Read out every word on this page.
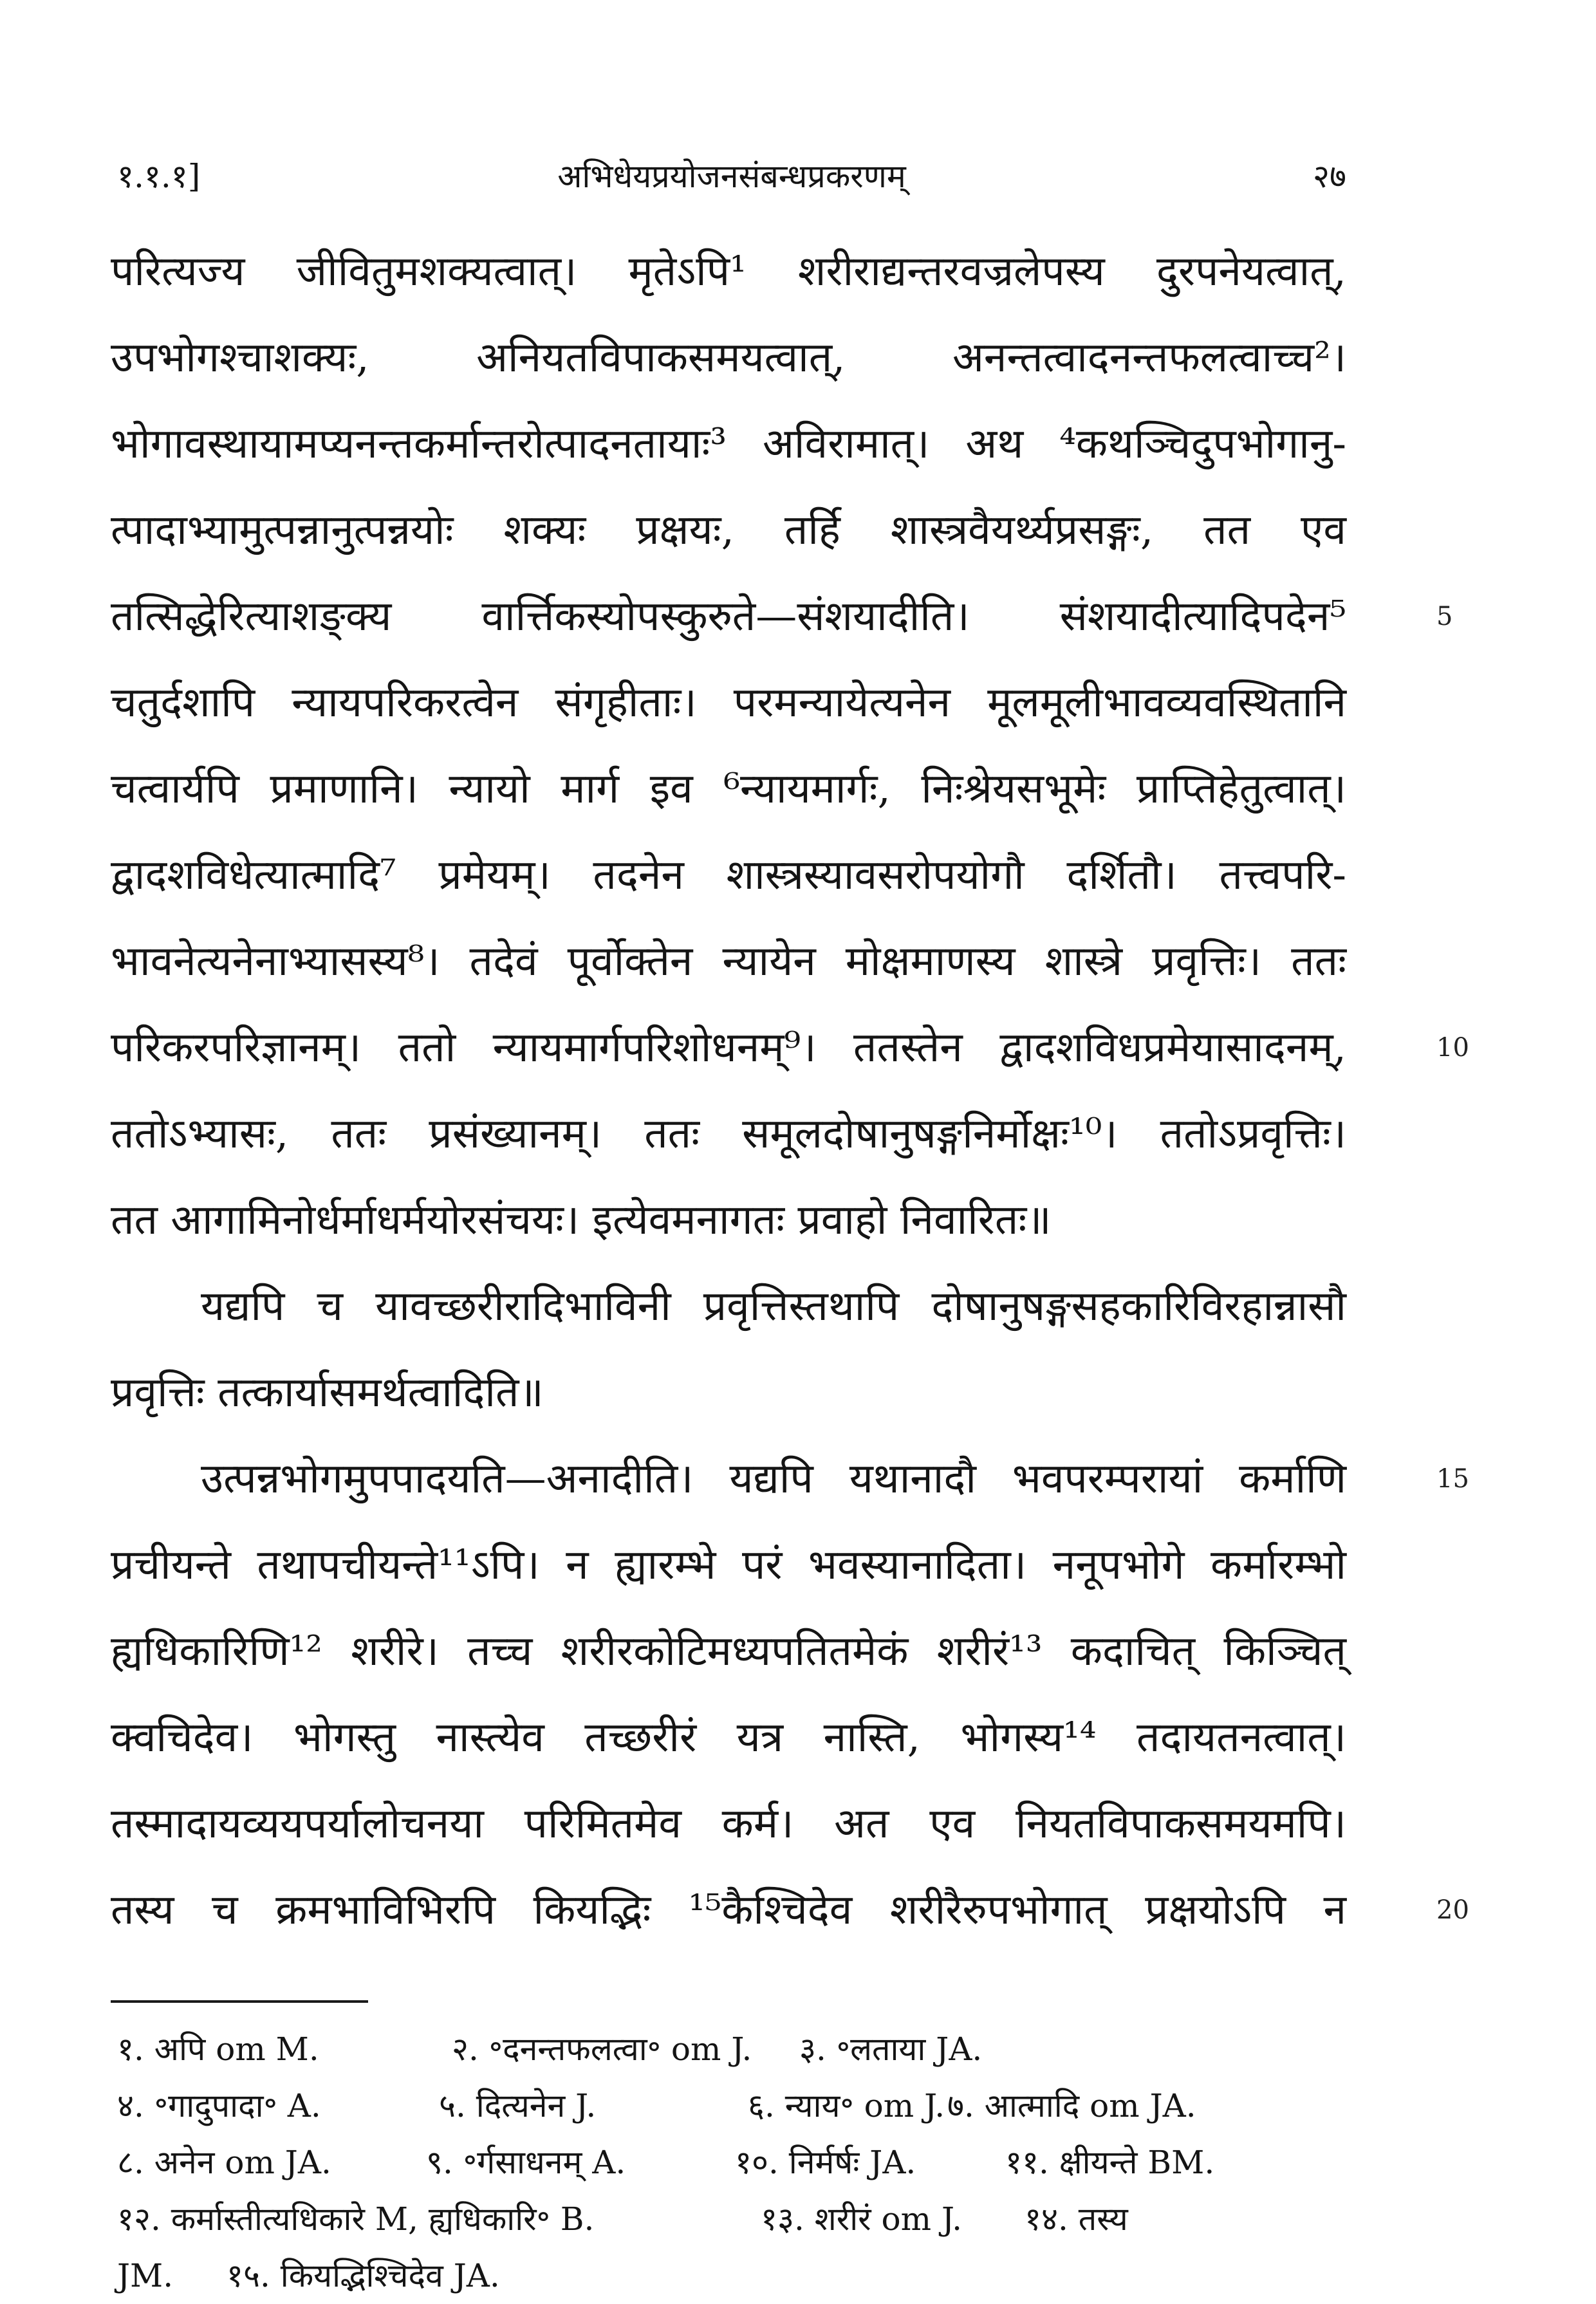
१.१.१]	अभिधेयप्रयोजनसंबन्धप्रकरणम्	२७
परित्यज्य जीवितुमशक्यत्वात्। मृतेऽपि¹ शरीराद्यन्तरवज्रलेपस्य दुरपनेयत्वात्,
उपभोगश्चाशक्यः, अनियतविपाकसमयत्वात्, अनन्तत्वादनन्तफलत्वाच्च²।
भोगावस्थायामप्यनन्तकर्मान्तरोत्पादनतायाः³ अविरामात्। अथ ⁴कथञ्चिदुपभोगानु-
त्पादाभ्यामुत्पन्नानुत्पन्नयोः शक्यः प्रक्षयः, तर्हि शास्त्रवैयर्थ्यप्रसङ्गः, तत एव
तत्सिद्धेरित्याशङ्क्य वार्त्तिकस्योपस्कुरुते—संशयादीति। संशयादीत्यादिपदेन⁵	5
चतुर्दशापि न्यायपरिकरत्वेन संगृहीताः। परमन्यायेत्यनेन मूलमूलीभावव्यवस्थितानि
चत्वार्यपि प्रमाणानि। न्यायो मार्ग इव ⁶न्यायमार्गः, निःश्रेयसभूमेः प्राप्तिहेतुत्वात्।
द्वादशविधेत्यात्मादि⁷ प्रमेयम्। तदनेन शास्त्रस्यावसरोपयोगौ दर्शितौ। तत्त्वपरि-
भावनेत्यनेनाभ्यासस्य⁸। तदेवं पूर्वोक्तेन न्यायेन मोक्षमाणस्य शास्त्रे प्रवृत्तिः। ततः
परिकरपरिज्ञानम्। ततो न्यायमार्गपरिशोधनम्⁹। ततस्तेन द्वादशविधप्रमेयासादनम्,	10
ततोऽभ्यासः, ततः प्रसंख्यानम्। ततः समूलदोषानुषङ्गनिर्मोक्षः¹⁰। ततोऽप्रवृत्तिः।
तत आगामिनोर्धर्माधर्मयोरसंचयः। इत्येवमनागतः प्रवाहो निवारितः॥
यद्यपि च यावच्छरीरादिभाविनी प्रवृत्तिस्तथापि दोषानुषङ्गसहकारिविरहान्नासौ
प्रवृत्तिः तत्कार्यासमर्थत्वादिति॥
उत्पन्नभोगमुपपादयति—अनादीति। यद्यपि यथानादौ भवपरम्परायां कर्माणि	15
प्रचीयन्ते तथापचीयन्ते¹¹ऽपि। न ह्यारम्भे परं भवस्यानादिता। ननूपभोगे कर्मारम्भो
ह्यधिकारिणि¹² शरीरे। तच्च शरीरकोटिमध्यपतितमेकं शरीरं¹³ कदाचित् किञ्चित्
क्वचिदेव। भोगस्तु नास्त्येव तच्छरीरं यत्र नास्ति, भोगस्य¹⁴ तदायतनत्वात्।
तस्मादायव्ययपर्यालोचनया परिमितमेव कर्म। अत एव नियतविपाकसमयमपि।
तस्य च क्रमभाविभिरपि कियद्भिः ¹⁵कैश्चिदेव शरीरैरुपभोगात् प्रक्षयोऽपि न	20
१. अपि om M.	२. ॰दनन्तफलत्वा॰ om J. ३. ॰लताया JA.
४. ॰गादुपादा॰ A.	५. दित्यनेन J.	६. न्याय॰ om J. ७. आत्मादि om JA.
८. अनेन om JA.	९. ॰र्गसाधनम् A.	१०. निर्मर्षः JA.	११. क्षीयन्ते BM.
१२. कर्मास्तीत्यधिकारे M, ह्यधिकारि॰ B.	१३. शरीरं om J. १४. तस्य
JM. १५. कियद्भिश्चिदेव JA.
